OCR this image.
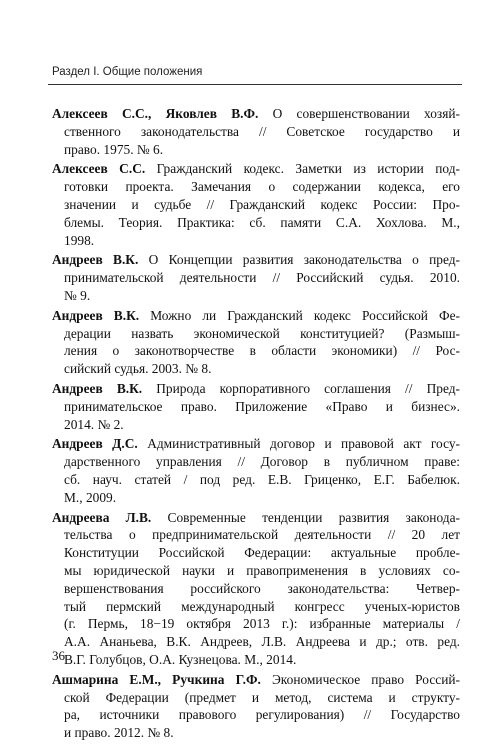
Раздел I. Общие положения
Алексеев С.С., Яковлев В.Ф. О совершенствовании хозяй-
ственного законодательства // Советское государство и
право. 1975. № 6.
Алексеев С.С. Гражданский кодекс. Заметки из истории под-
готовки проекта. Замечания о содержании кодекса, его
значении и судьбе // Гражданский кодекс России: Про-
блемы. Теория. Практика: сб. памяти С.А. Хохлова. М.,
1998.
Андреев В.К. О Концепции развития законодательства о пред-
принимательской деятельности // Российский судья. 2010.
№ 9.
Андреев В.К. Можно ли Гражданский кодекс Российской Фе-
дерации назвать экономической конституцией? (Размыш-
ления о законотворчестве в области экономики) // Рос-
сийский судья. 2003. № 8.
Андреев В.К. Природа корпоративного соглашения // Пред-
принимательское право. Приложение «Право и бизнес».
2014. № 2.
Андреев Д.С. Административный договор и правовой акт госу-
дарственного управления // Договор в публичном праве:
сб. науч. статей / под ред. Е.В. Гриценко, Е.Г. Бабелюк.
М., 2009.
Андреева Л.В. Современные тенденции развития законода-
тельства о предпринимательской деятельности // 20 лет
Конституции Российской Федерации: актуальные пробле-
мы юридической науки и правоприменения в условиях со-
вершенствования российского законодательства: Четвер-
тый пермский международный конгресс ученых-юристов
(г. Пермь, 18−19 октября 2013 г.): избранные материалы /
А.А. Ананьева, В.К. Андреев, Л.В. Андреева и др.; отв. ред.
В.Г. Голубцов, О.А. Кузнецова. М., 2014.
Ашмарина Е.М., Ручкина Г.Ф. Экономическое право Россий-
ской Федерации (предмет и метод, система и структу-
ра, источники правового регулирования) // Государство
и право. 2012. № 8.
36
